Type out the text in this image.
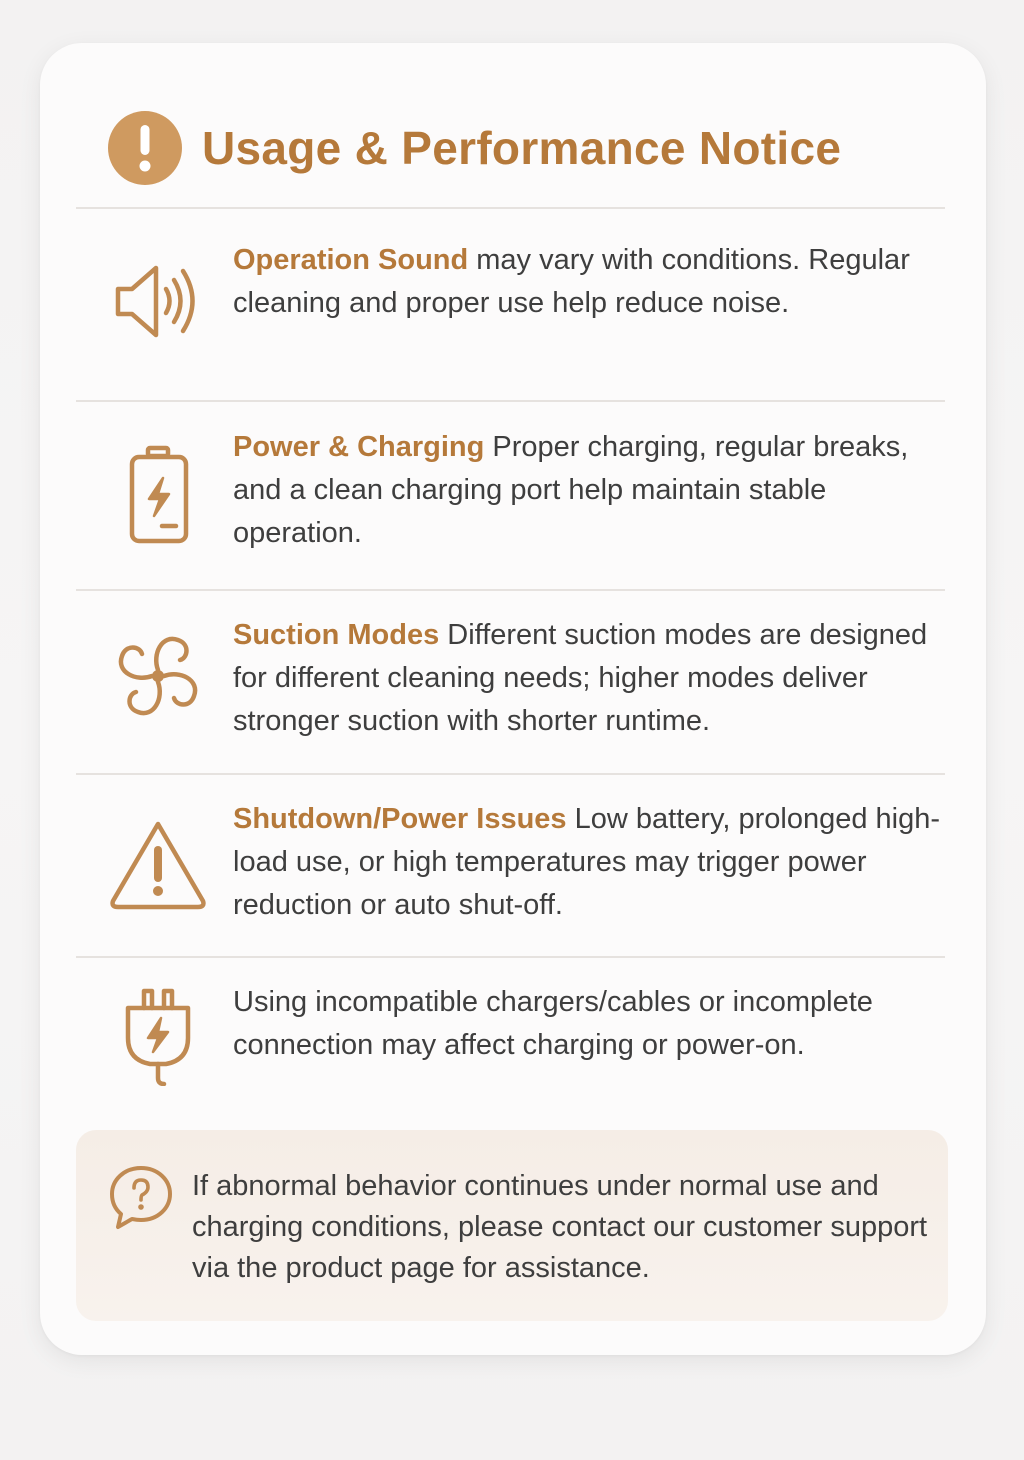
Usage & Performance Notice
Operation Sound may vary with conditions. Regular cleaning and proper use help reduce noise.
Power & Charging Proper charging, regular breaks, and a clean charging port help maintain stable operation.
Suction Modes Different suction modes are designed for different cleaning needs; higher modes deliver stronger suction with shorter runtime.
Shutdown/Power Issues Low battery, prolonged high-load use, or high temperatures may trigger power reduction or auto shut-off.
Using incompatible chargers/cables or incomplete connection may affect charging or power-on.
If abnormal behavior continues under normal use and charging conditions, please contact our customer support via the product page for assistance.
